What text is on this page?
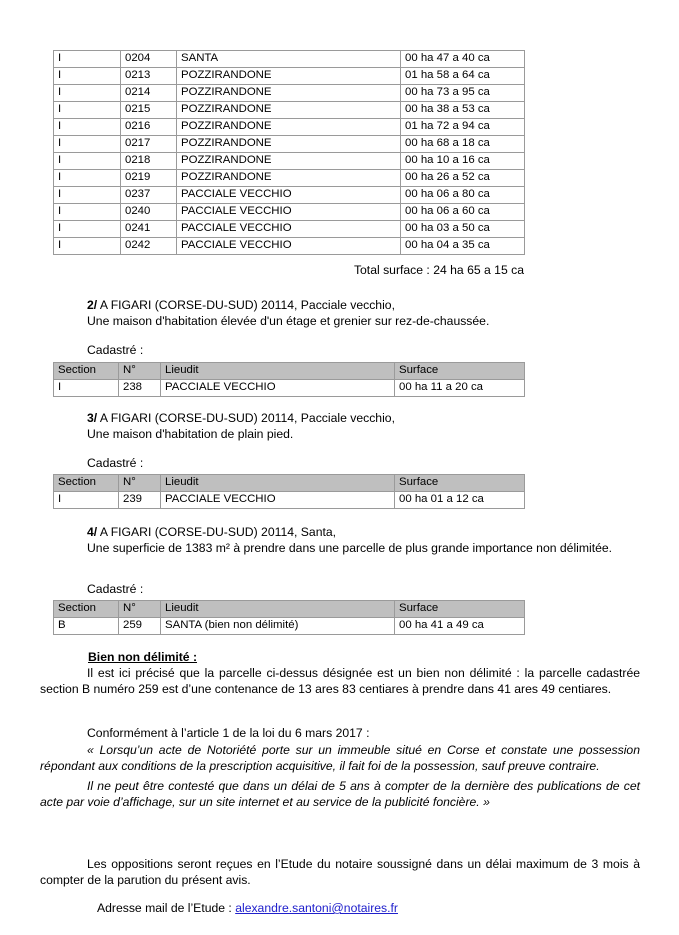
I	0204	SANTA	00 ha 47 a 40 ca
I	0213	POZZIRANDONE	01 ha 58 a 64 ca
I	0214	POZZIRANDONE	00 ha 73 a 95 ca
I	0215	POZZIRANDONE	00 ha 38 a 53 ca
I	0216	POZZIRANDONE	01 ha 72 a 94 ca
I	0217	POZZIRANDONE	00 ha 68 a 18 ca
I	0218	POZZIRANDONE	00 ha 10 a 16 ca
I	0219	POZZIRANDONE	00 ha 26 a 52 ca
I	0237	PACCIALE VECCHIO	00 ha 06 a 80 ca
I	0240	PACCIALE VECCHIO	00 ha 06 a 60 ca
I	0241	PACCIALE VECCHIO	00 ha 03 a 50 ca
I	0242	PACCIALE VECCHIO	00 ha 04 a 35 ca
Total surface : 24 ha 65 a 15 ca
2/ A FIGARI (CORSE-DU-SUD) 20114, Pacciale vecchio,
Une maison d'habitation élevée d'un étage et grenier sur rez-de-chaussée.
Cadastré :
Section	N°	Lieudit	Surface
I	238	PACCIALE VECCHIO	00 ha 11 a 20 ca
3/ A FIGARI (CORSE-DU-SUD) 20114, Pacciale vecchio,
Une maison d'habitation de plain pied.
Cadastré :
Section	N°	Lieudit	Surface
I	239	PACCIALE VECCHIO	00 ha 01 a 12 ca
4/ A FIGARI (CORSE-DU-SUD) 20114, Santa,
Une superficie de 1383 m² à prendre dans une parcelle de plus grande importance non délimitée.
Cadastré :
Section	N°	Lieudit	Surface
B	259	SANTA (bien non délimité)	00 ha 41 a 49 ca
Bien non délimité :

Il est ici précisé que la parcelle ci-dessus désignée est un bien non délimité : la parcelle cadastrée section B numéro 259 est d’une contenance de 13 ares 83 centiares à prendre dans 41 ares 49 centiares.

Conformément à l’article 1 de la loi du 6 mars 2017 :

« Lorsqu’un acte de Notoriété porte sur un immeuble situé en Corse et constate une possession répondant aux conditions de la prescription acquisitive, il fait foi de la possession, sauf preuve contraire.

Il ne peut être contesté que dans un délai de 5 ans à compter de la dernière des publications de cet acte par voie d’affichage, sur un site internet et au service de la publicité foncière. »

Les oppositions seront reçues en l’Etude du notaire soussigné dans un délai maximum de 3 mois à compter de la parution du présent avis.

Adresse mail de l’Etude : alexandre.santoni@notaires.fr
